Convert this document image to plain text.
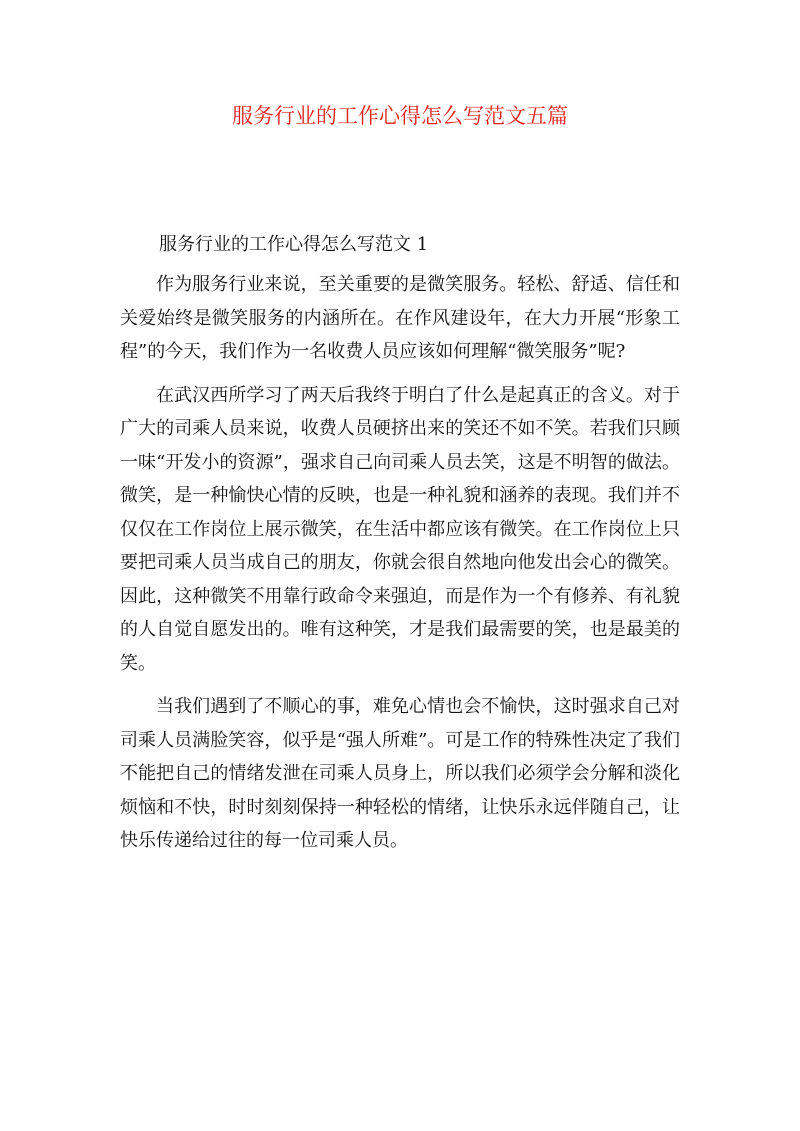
服务行业的工作心得怎么写范文五篇

服务行业的工作心得怎么写范文 1

作为服务行业来说，至关重要的是微笑服务。轻松、舒适、信任和关爱始终是微笑服务的内涵所在。在作风建设年，在大力开展“形象工程”的今天，我们作为一名收费人员应该如何理解“微笑服务”呢?

在武汉西所学习了两天后我终于明白了什么是起真正的含义。对于广大的司乘人员来说，收费人员硬挤出来的笑还不如不笑。若我们只顾一味“开发小的资源”，强求自己向司乘人员去笑，这是不明智的做法。微笑，是一种愉快心情的反映，也是一种礼貌和涵养的表现。我们并不仅仅在工作岗位上展示微笑，在生活中都应该有微笑。在工作岗位上只要把司乘人员当成自己的朋友，你就会很自然地向他发出会心的微笑。因此，这种微笑不用靠行政命令来强迫，而是作为一个有修养、有礼貌的人自觉自愿发出的。唯有这种笑，才是我们最需要的笑，也是最美的笑。

当我们遇到了不顺心的事，难免心情也会不愉快，这时强求自己对司乘人员满脸笑容，似乎是“强人所难”。可是工作的特殊性决定了我们不能把自己的情绪发泄在司乘人员身上，所以我们必须学会分解和淡化烦恼和不快，时时刻刻保持一种轻松的情绪，让快乐永远伴随自己，让快乐传递给过往的每一位司乘人员。
